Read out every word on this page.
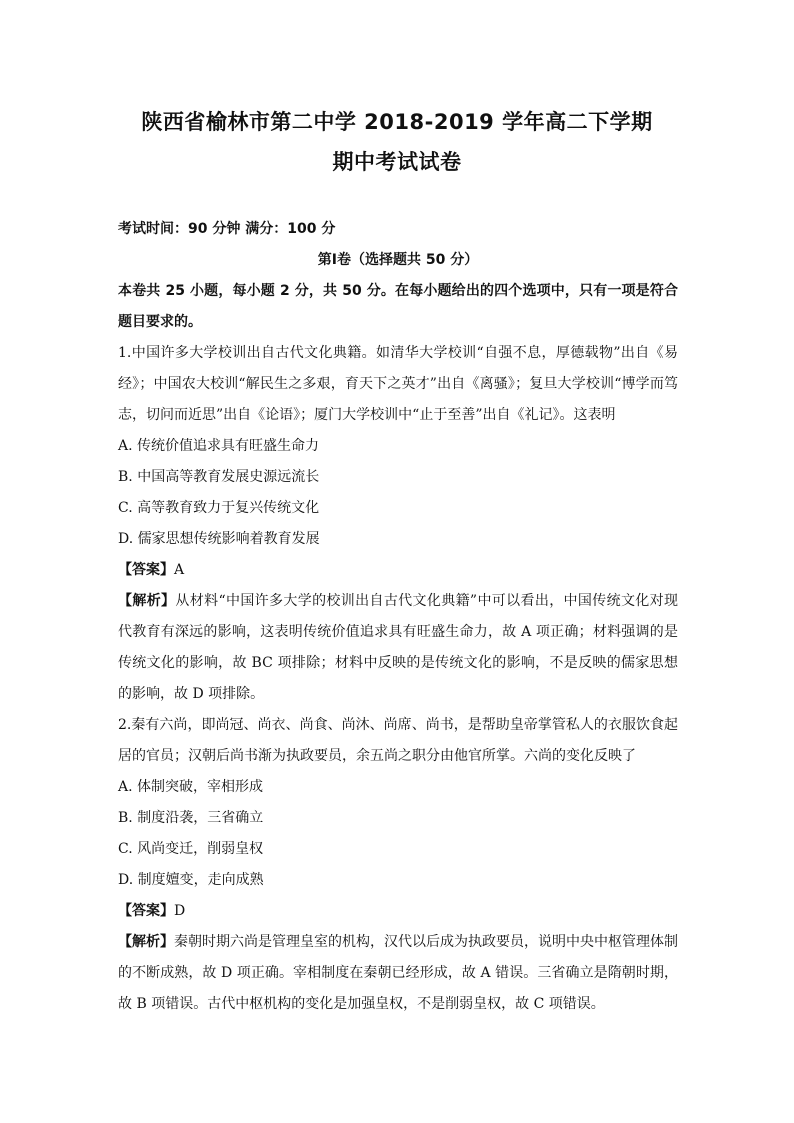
陕西省榆林市第二中学 2018-2019 学年高二下学期
期中考试试卷

考试时间：90 分钟 满分：100 分

第Ⅰ卷（选择题共 50 分）

本卷共 25 小题，每小题 2 分，共 50 分。在每小题给出的四个选项中，只有一项是符合题目要求的。

1.中国许多大学校训出自古代文化典籍。如清华大学校训“自强不息，厚德载物”出自《易经》；中国农大校训“解民生之多艰，育天下之英才”出自《离骚》；复旦大学校训“博学而笃志，切问而近思”出自《论语》；厦门大学校训中“止于至善”出自《礼记》。这表明

A. 传统价值追求具有旺盛生命力

B. 中国高等教育发展史源远流长

C. 高等教育致力于复兴传统文化

D. 儒家思想传统影响着教育发展

【答案】A

【解析】从材料“中国许多大学的校训出自古代文化典籍”中可以看出，中国传统文化对现代教育有深远的影响，这表明传统价值追求具有旺盛生命力，故 A 项正确；材料强调的是传统文化的影响，故 BC 项排除；材料中反映的是传统文化的影响，不是反映的儒家思想的影响，故 D 项排除。

2.秦有六尚，即尚冠、尚衣、尚食、尚沐、尚席、尚书，是帮助皇帝掌管私人的衣服饮食起居的官员；汉朝后尚书渐为执政要员，余五尚之职分由他官所掌。六尚的变化反映了

A. 体制突破，宰相形成

B. 制度沿袭，三省确立

C. 风尚变迁，削弱皇权

D. 制度嬗变，走向成熟

【答案】D

【解析】秦朝时期六尚是管理皇室的机构，汉代以后成为执政要员，说明中央中枢管理体制的不断成熟，故 D 项正确。宰相制度在秦朝已经形成，故 A 错误。三省确立是隋朝时期，故 B 项错误。古代中枢机构的变化是加强皇权，不是削弱皇权，故 C 项错误。
